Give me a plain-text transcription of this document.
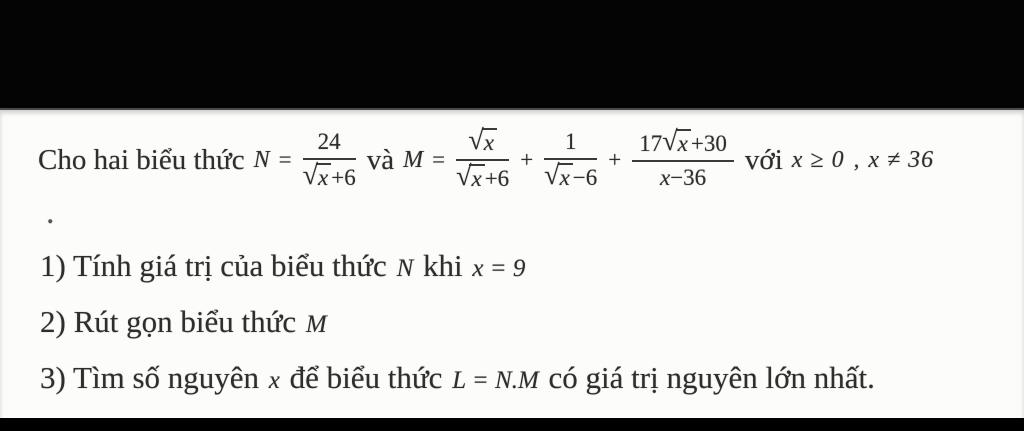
Cho hai biểu thức $N = \frac{24}{√ x +6}$ và $M = \frac{√ x}{√ x +6} + \frac{1}{√ x -6} + \frac{17 √ x +30}{x -36}$ với x ≥ 0 , x ≠ 36
.
1) Tính giá trị của biểu thức N khi x = 9
2) Rút gọn biểu thức M
3) Tìm số nguyên x để biểu thức L = N.M có giá trị nguyên lớn nhất.
